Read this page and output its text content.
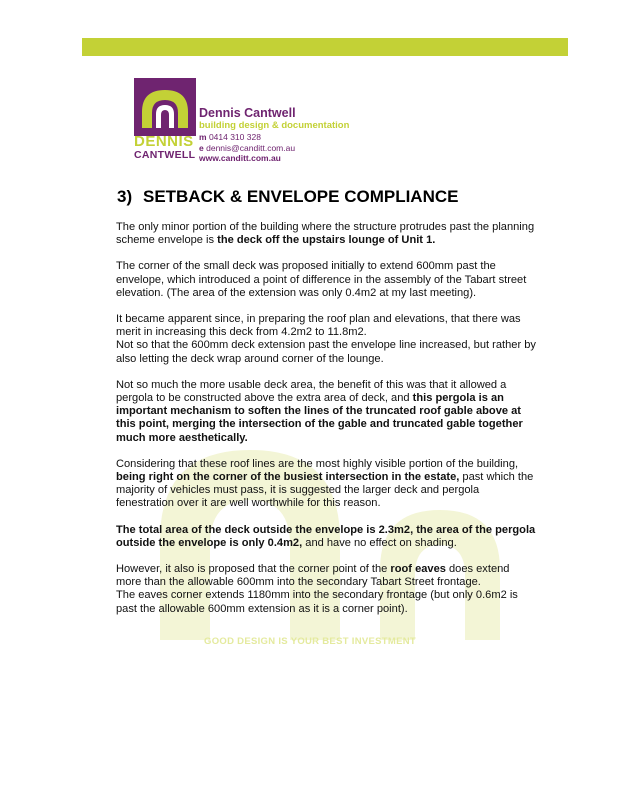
GOOD DESIGN IS YOUR BEST INVESTMENT
DENNIS
CANTWELL
Dennis Cantwell
building design & documentation
m 0414 310 328
e dennis@canditt.com.au
www.canditt.com.au
3) SETBACK & ENVELOPE COMPLIANCE

The only minor portion of the building where the structure protrudes past the planning scheme envelope is the deck off the upstairs lounge of Unit 1.

The corner of the small deck was proposed initially to extend 600mm past the envelope, which introduced a point of difference in the assembly of the Tabart street elevation. (The area of the extension was only 0.4m2 at my last meeting).

It became apparent since, in preparing the roof plan and elevations, that there was merit in increasing this deck from 4.2m2 to 11.8m2.
Not so that the 600mm deck extension past the envelope line increased, but rather by also letting the deck wrap around corner of the lounge.

Not so much the more usable deck area, the benefit of this was that it allowed a pergola to be constructed above the extra area of deck, and this pergola is an important mechanism to soften the lines of the truncated roof gable above at this point, merging the intersection of the gable and truncated gable together much more aesthetically.

Considering that these roof lines are the most highly visible portion of the building, being right on the corner of the busiest intersection in the estate, past which the majority of vehicles must pass, it is suggested the larger deck and pergola fenestration over it are well worthwhile for this reason.

The total area of the deck outside the envelope is 2.3m2, the area of the pergola outside the envelope is only 0.4m2, and have no effect on shading.

However, it also is proposed that the corner point of the roof eaves does extend more than the allowable 600mm into the secondary Tabart Street frontage.
The eaves corner extends 1180mm into the secondary frontage (but only 0.6m2 is past the allowable 600mm extension as it is a corner point).
